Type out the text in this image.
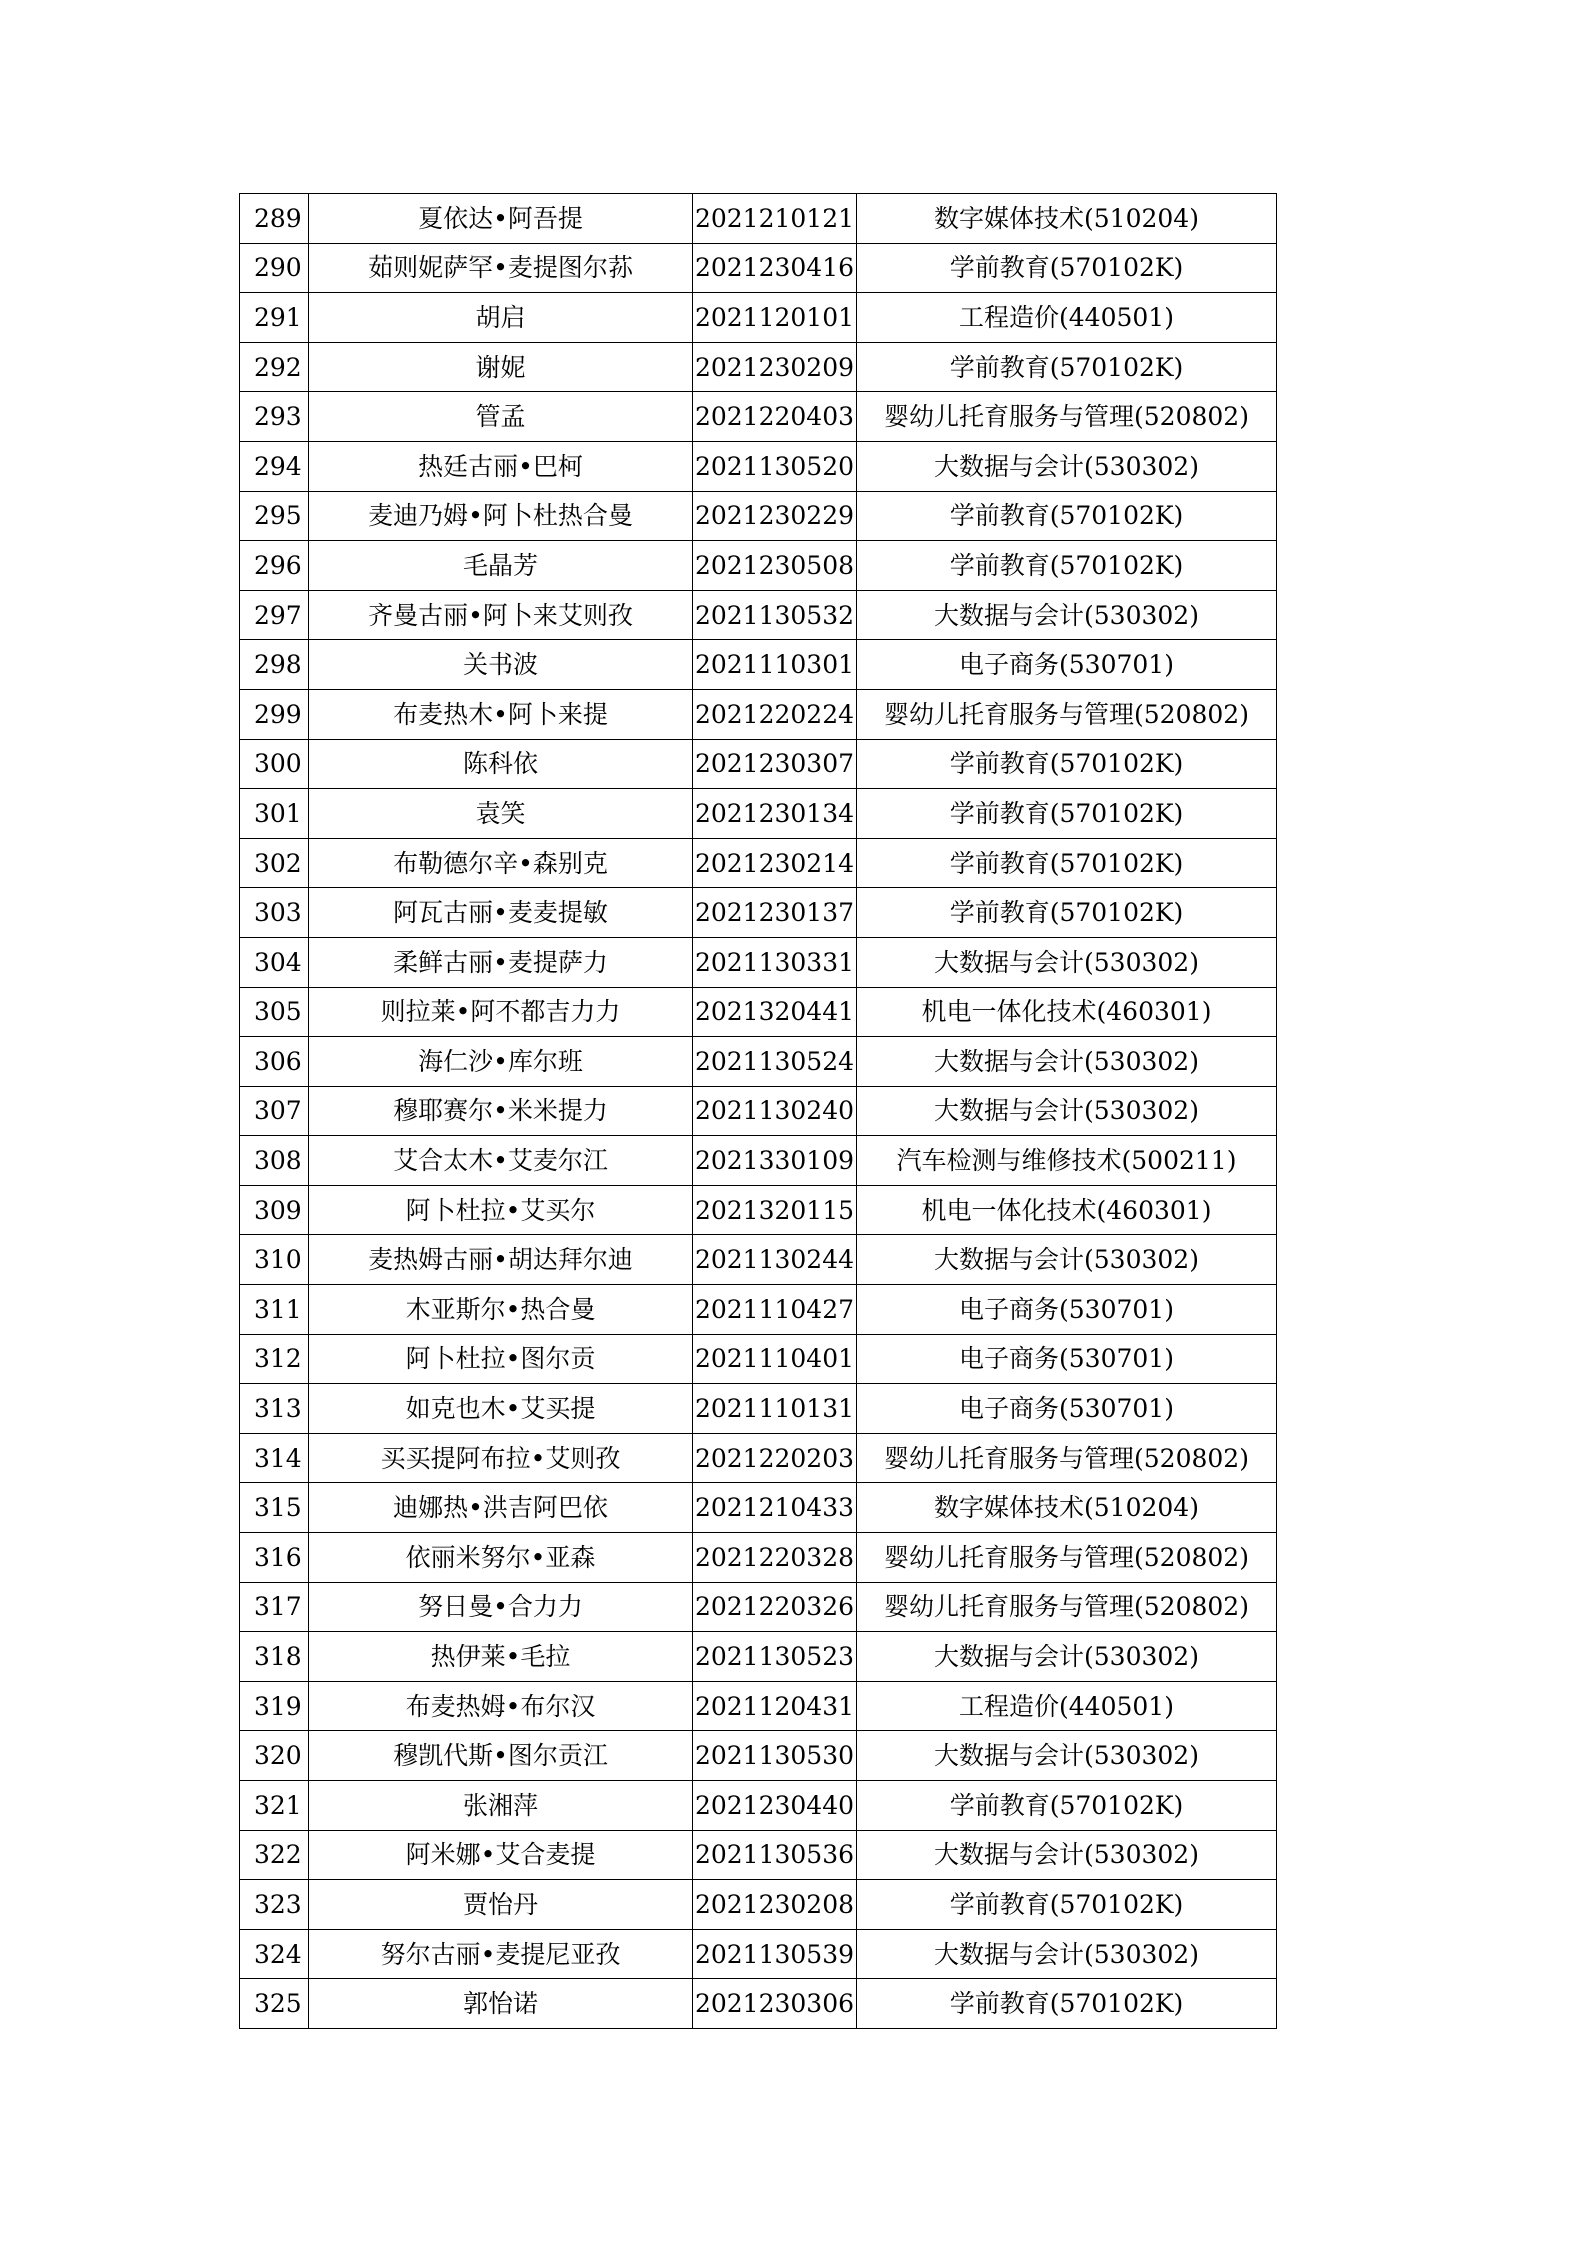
289	夏依达•阿吾提	2021210121	数字媒体技术(510204)
290	茹则妮萨罕•麦提图尔荪	2021230416	学前教育(570102K)
291	胡启	2021120101	工程造价(440501)
292	谢妮	2021230209	学前教育(570102K)
293	管孟	2021220403	婴幼儿托育服务与管理(520802)
294	热廷古丽•巴柯	2021130520	大数据与会计(530302)
295	麦迪乃姆•阿卜杜热合曼	2021230229	学前教育(570102K)
296	毛晶芳	2021230508	学前教育(570102K)
297	齐曼古丽•阿卜来艾则孜	2021130532	大数据与会计(530302)
298	关书波	2021110301	电子商务(530701)
299	布麦热木•阿卜来提	2021220224	婴幼儿托育服务与管理(520802)
300	陈科依	2021230307	学前教育(570102K)
301	袁笑	2021230134	学前教育(570102K)
302	布勒德尔辛•森别克	2021230214	学前教育(570102K)
303	阿瓦古丽•麦麦提敏	2021230137	学前教育(570102K)
304	柔鲜古丽•麦提萨力	2021130331	大数据与会计(530302)
305	则拉莱•阿不都吉力力	2021320441	机电一体化技术(460301)
306	海仁沙•库尔班	2021130524	大数据与会计(530302)
307	穆耶赛尔•米米提力	2021130240	大数据与会计(530302)
308	艾合太木•艾麦尔江	2021330109	汽车检测与维修技术(500211)
309	阿卜杜拉•艾买尔	2021320115	机电一体化技术(460301)
310	麦热姆古丽•胡达拜尔迪	2021130244	大数据与会计(530302)
311	木亚斯尔•热合曼	2021110427	电子商务(530701)
312	阿卜杜拉•图尔贡	2021110401	电子商务(530701)
313	如克也木•艾买提	2021110131	电子商务(530701)
314	买买提阿布拉•艾则孜	2021220203	婴幼儿托育服务与管理(520802)
315	迪娜热•洪吉阿巴依	2021210433	数字媒体技术(510204)
316	依丽米努尔•亚森	2021220328	婴幼儿托育服务与管理(520802)
317	努日曼•合力力	2021220326	婴幼儿托育服务与管理(520802)
318	热伊莱•毛拉	2021130523	大数据与会计(530302)
319	布麦热姆•布尔汉	2021120431	工程造价(440501)
320	穆凯代斯•图尔贡江	2021130530	大数据与会计(530302)
321	张湘萍	2021230440	学前教育(570102K)
322	阿米娜•艾合麦提	2021130536	大数据与会计(530302)
323	贾怡丹	2021230208	学前教育(570102K)
324	努尔古丽•麦提尼亚孜	2021130539	大数据与会计(530302)
325	郭怡诺	2021230306	学前教育(570102K)
